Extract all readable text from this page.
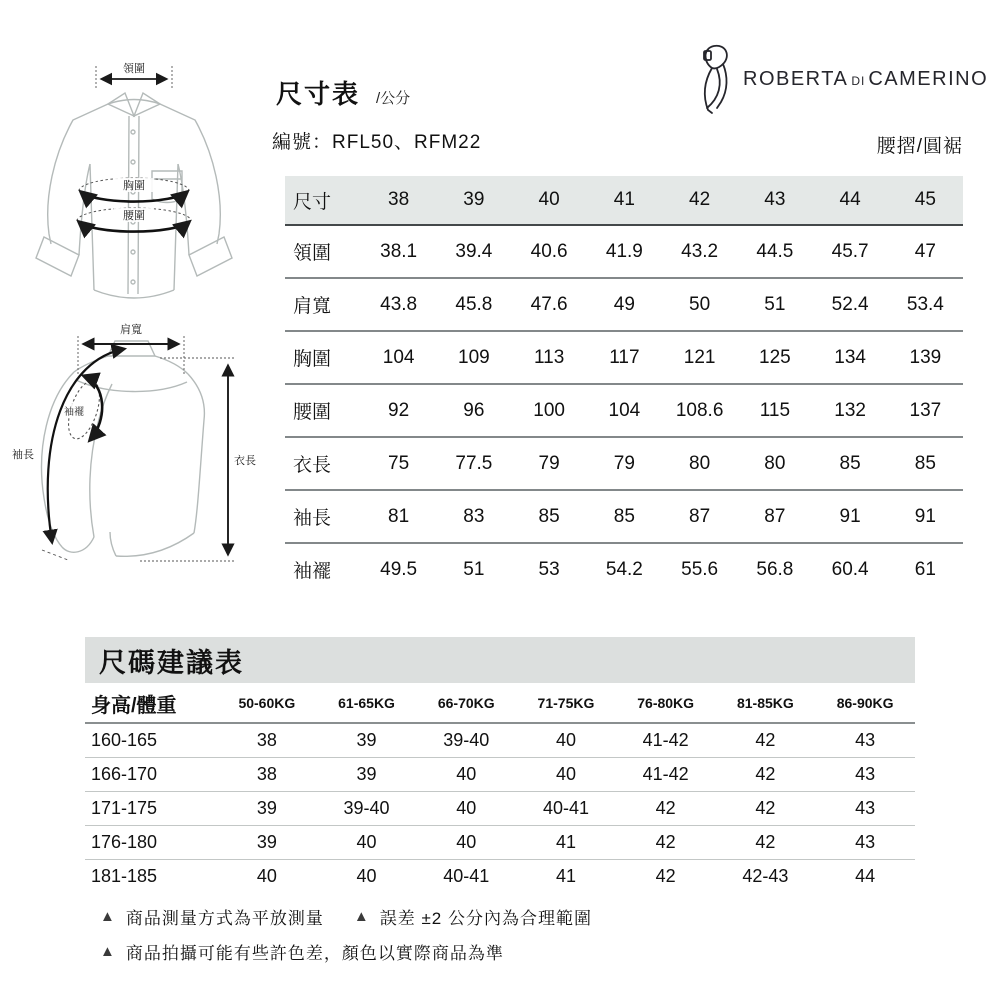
領圍
胸圍
腰圍
肩寬
袖襬
袖長	衣長
尺寸表 /公分
編號：RFL50、RFM22
ROBERTA DI CAMERINO
腰摺/圓裾
尺寸	38	39	40	41	42	43	44	45
領圍	38.1	39.4	40.6	41.9	43.2	44.5	45.7	47
肩寬	43.8	45.8	47.6	49	50	51	52.4	53.4
胸圍	104	109	113	117	121	125	134	139
腰圍	92	96	100	104	108.6	115	132	137
衣長	75	77.5	79	79	80	80	85	85
袖長	81	83	85	85	87	87	91	91
袖襬	49.5	51	53	54.2	55.6	56.8	60.4	61
尺碼建議表
身高/體重	50-60KG	61-65KG	66-70KG	71-75KG	76-80KG	81-85KG	86-90KG
160-165	38	39	39-40	40	41-42	42	43
166-170	38	39	40	40	41-42	42	43
171-175	39	39-40	40	40-41	42	42	43
176-180	39	40	40	41	42	42	43
181-185	40	40	40-41	41	42	42-43	44
▲ 商品測量方式為平放測量 ▲ 誤差 ±2 公分內為合理範圍
▲ 商品拍攝可能有些許色差，顏色以實際商品為準
